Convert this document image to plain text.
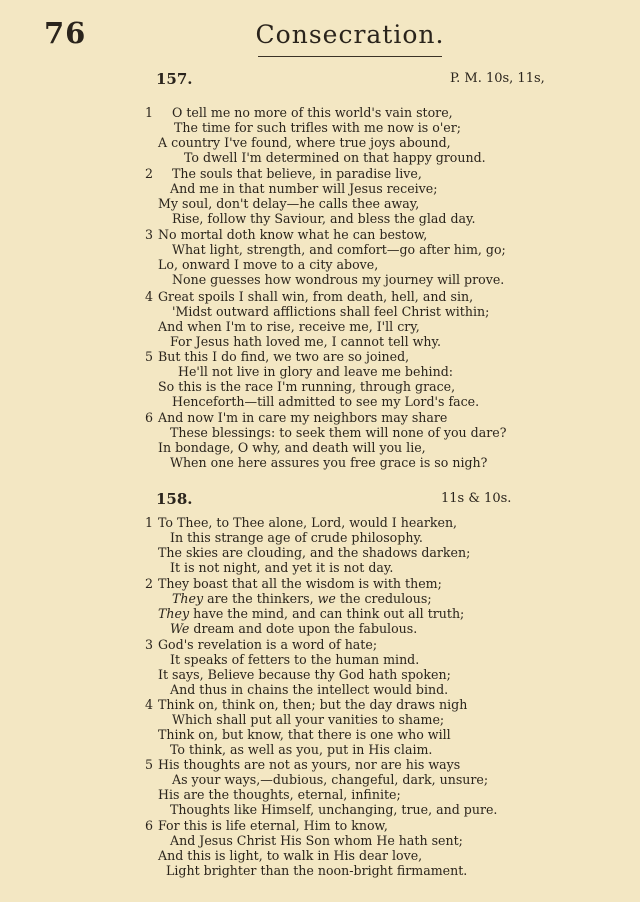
76	Consecration.
157.	P. M. 10s, 11s,
1 O tell me no more of this world's vain store,
The time for such trifles with me now is o'er;
A country I've found, where true joys abound,
To dwell I'm determined on that happy ground.
2 The souls that believe, in paradise live,
And me in that number will Jesus receive;
My soul, don't delay—he calls thee away,
Rise, follow thy Saviour, and bless the glad day.
3 No mortal doth know what he can bestow,
What light, strength, and comfort—go after him, go;
Lo, onward I move to a city above,
None guesses how wondrous my journey will prove.
4 Great spoils I shall win, from death, hell, and sin,
'Midst outward afflictions shall feel Christ within;
And when I'm to rise, receive me, I'll cry,
For Jesus hath loved me, I cannot tell why.
5 But this I do find, we two are so joined,
He'll not live in glory and leave me behind:
So this is the race I'm running, through grace,
Henceforth—till admitted to see my Lord's face.
6 And now I'm in care my neighbors may share
These blessings: to seek them will none of you dare?
In bondage, O why, and death will you lie,
When one here assures you free grace is so nigh?
158.	11s & 10s.
1 To Thee, to Thee alone, Lord, would I hearken,
In this strange age of crude philosophy.
The skies are clouding, and the shadows darken;
It is not night, and yet it is not day.
2 They boast that all the wisdom is with them;
They are the thinkers, we the credulous;
They have the mind, and can think out all truth;
We dream and dote upon the fabulous.
3 God's revelation is a word of hate;
It speaks of fetters to the human mind.
It says, Believe because thy God hath spoken;
And thus in chains the intellect would bind.
4 Think on, think on, then; but the day draws nigh
Which shall put all your vanities to shame;
Think on, but know, that there is one who will
To think, as well as you, put in His claim.
5 His thoughts are not as yours, nor are his ways
As your ways,—dubious, changeful, dark, unsure;
His are the thoughts, eternal, infinite;
Thoughts like Himself, unchanging, true, and pure.
6 For this is life eternal, Him to know,
And Jesus Christ His Son whom He hath sent;
And this is light, to walk in His dear love,
Light brighter than the noon-bright firmament.
